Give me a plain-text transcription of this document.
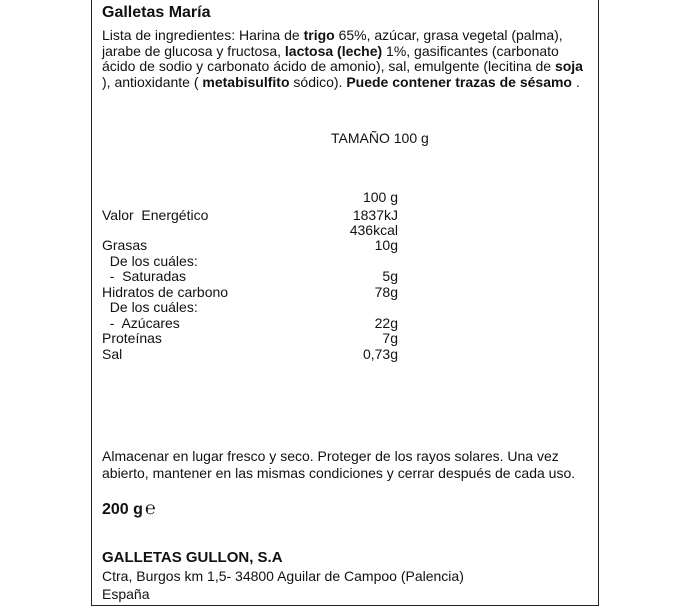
Galletas María
Lista de ingredientes: Harina de trigo 65%, azúcar, grasa vegetal (palma), jarabe de glucosa y fructosa, lactosa (leche) 1%, gasificantes (carbonato ácido de sodio y carbonato ácido de amonio), sal, emulgente (lecitina de soja ), antioxidante ( metabisulfito sódico). Puede contener trazas de sésamo .
TAMAÑO 100 g
100 g
Valor  Energético	1837kJ
436kcal
Grasas	10g
De los cuáles:
-  Saturadas	5g
Hidratos de carbono	78g
De los cuáles:
-  Azúcares	22g
Proteínas	7g
Sal	0,73g
Almacenar en lugar fresco y seco. Proteger de los rayos solares. Una vez abierto, mantener en las mismas condiciones y cerrar después de cada uso.
200 g ℮
GALLETAS GULLON, S.A
Ctra, Burgos km 1,5- 34800 Aguilar de Campoo (Palencia)
España
